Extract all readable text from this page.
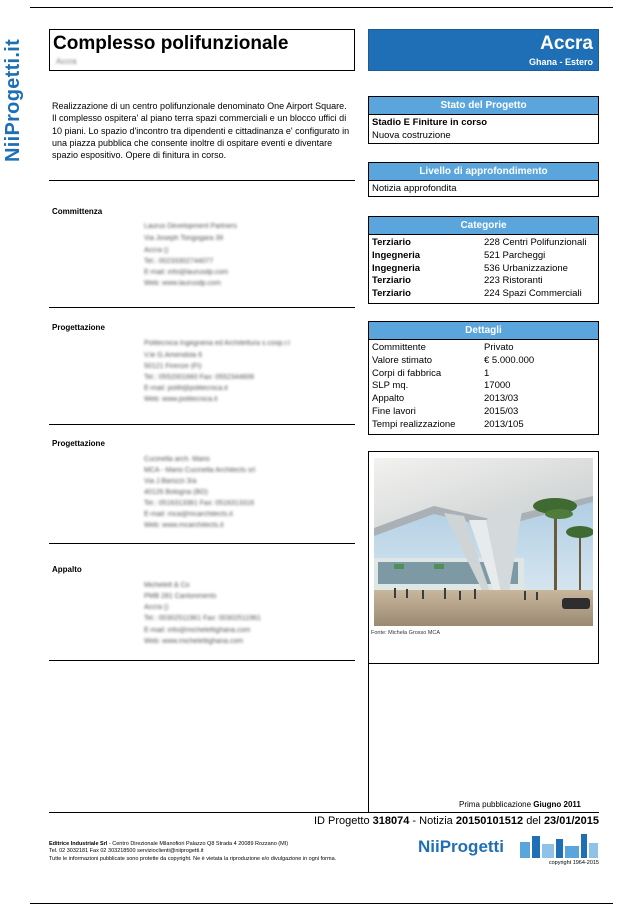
NiiProgetti.it Complesso polifunzionale
Accra
Accra
Ghana - Estero
Realizzazione di un centro polifunzionale denominato One Airport Square. Il complesso ospitera' al piano terra spazi commerciali e un blocco uffici di 10 piani. Lo spazio d'incontro tra dipendenti e cittadinanza e' configurato in una piazza pubblica che consente inoltre di ospitare eventi e diventare spazio espositivo. Opere di finitura in corso.
Committenza
Laurus Development Partners
Via Joseph Tongogara 39
Accra ()
Tel.: 00233302744077
E-mail: info@laurusdp.com
Web: www.laurusdp.com
Progettazione
Politecnica Ingegneria ed Architettura s.coop.r.l
V.le G.Amendola 6
50121 Firenze (FI)
Tel.: 0552001660 Fax: 0552344606
E-mail: polifi@politecnica.it
Web: www.politecnica.it
Progettazione
Cucinella arch. Mario
MCA - Mario Cucinella Architects srl
Via J.Barozzi 3/a
40126 Bologna (BO)
Tel.: 0516313381 Fax: 0516313316
E-mail: mca@mcarchitects.it
Web: www.mcarchitects.it
Appalto
Michelett & Co
PMB 281 Cantonments
Accra ()
Tel.: 00302511961 Fax: 00302511961
E-mail: info@michelettighana.com
Web: www.michelettighana.com
Stato del Progetto
Stadio E Finiture in corso
Nuova costruzione
Livello di approfondimento
Notizia approfondita
Categorie
Terziario	228 Centri Polifunzionali
Ingegneria	521 Parcheggi
Ingegneria	536 Urbanizzazione
Terziario	223 Ristoranti
Terziario	224 Spazi Commerciali
Dettagli
Committente	Privato
Valore stimato	€ 5.000.000
Corpi di fabbrica	1
SLP mq.	17000
Appalto	2013/03
Fine lavori	2015/03
Tempi realizzazione	2013/105
Fonte: Michela Grosso MCA
Prima pubblicazione Giugno 2011
ID Progetto 318074 - Notizia 20150101512 del 23/01/2015
Editrice Industriale Srl - Centro Direzionale Milanofiori Palazzo Q8 Strada 4 20089 Rozzano (MI)
Tel. 02 3032181 Fax 02 303218500 servizioclienti@niiprogetti.it
Tutte le informazioni pubblicate sono protette da copyright. Ne è vietata la riproduzione e/o divulgazione in ogni forma.
NiiProgetti
copyright 1964-2015
